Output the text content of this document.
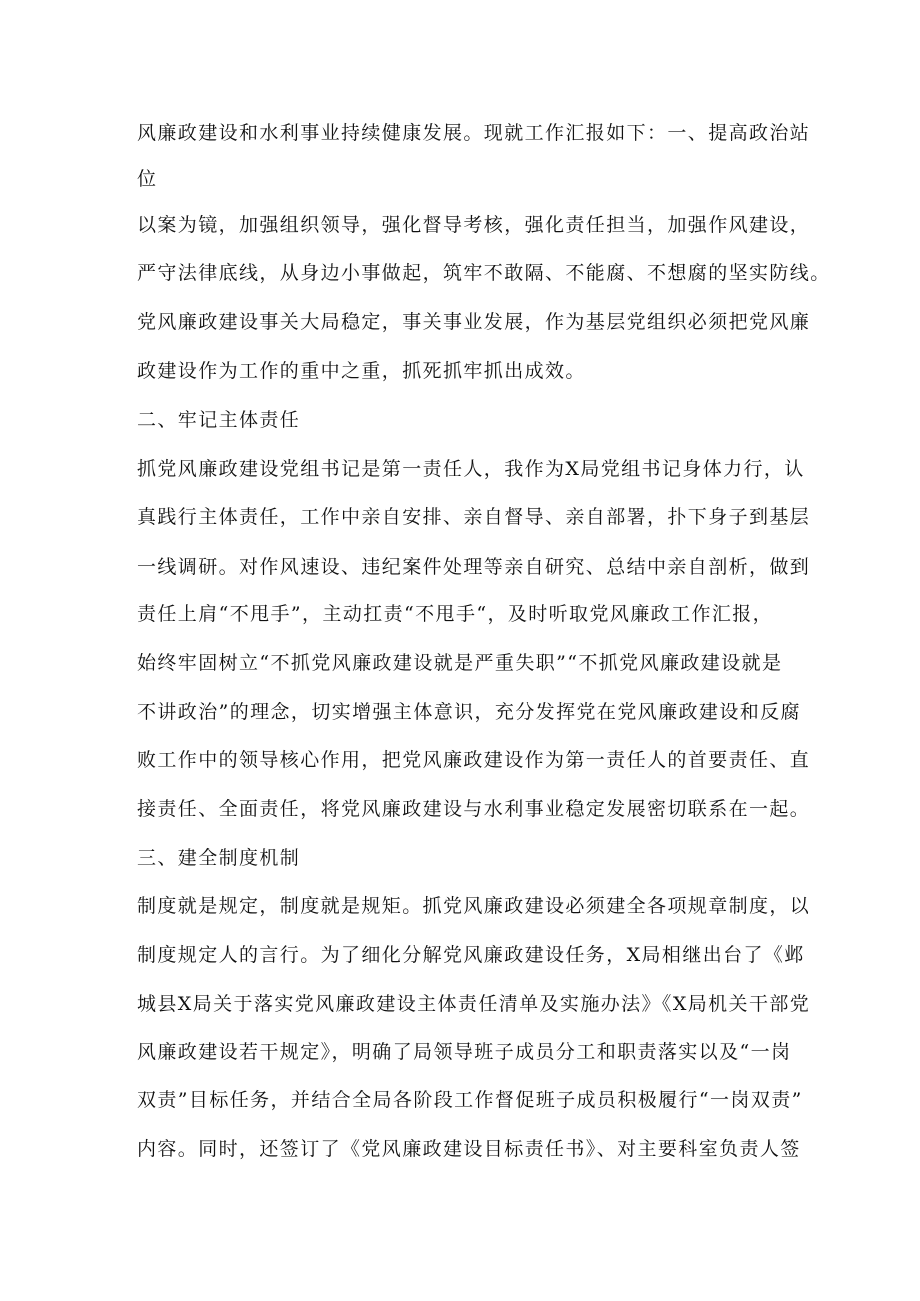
风廉政建设和水利事业持续健康发展。现就工作汇报如下：一、提高政治站
位
以案为镜，加强组织领导，强化督导考核，强化责任担当，加强作风建设，
严守法律底线，从身边小事做起，筑牢不敢隔、不能腐、不想腐的坚实防线。
党风廉政建设事关大局稳定，事关事业发展，作为基层党组织必须把党风廉
政建设作为工作的重中之重，抓死抓牢抓出成效。
二、牢记主体责任
抓党风廉政建设党组书记是第一责任人，我作为X局党组书记身体力行，认
真践行主体责任，工作中亲自安排、亲自督导、亲自部署，扑下身子到基层
一线调研。对作风速设、违纪案件处理等亲自研究、总结中亲自剖析，做到
责任上肩“不甩手”，主动扛责“不甩手“，及时听取党风廉政工作汇报，
始终牢固树立“不抓党风廉政建设就是严重失职”“不抓党风廉政建设就是
不讲政治”的理念，切实增强主体意识，充分发挥党在党风廉政建设和反腐
败工作中的领导核心作用，把党风廉政建设作为第一责任人的首要责任、直
接责任、全面责任，将党风廉政建设与水利事业稳定发展密切联系在一起。
三、建全制度机制
制度就是规定，制度就是规矩。抓党风廉政建设必须建全各项规章制度，以
制度规定人的言行。为了细化分解党风廉政建设任务，X局相继出台了《邺
城县X局关于落实党风廉政建设主体责任清单及实施办法》《X局机关干部党
风廉政建设若干规定》，明确了局领导班子成员分工和职责落实以及“一岗
双责”目标任务，并结合全局各阶段工作督促班子成员积极履行“一岗双责”
内容。同时，还签订了《党风廉政建设目标责任书》、对主要科室负责人签
